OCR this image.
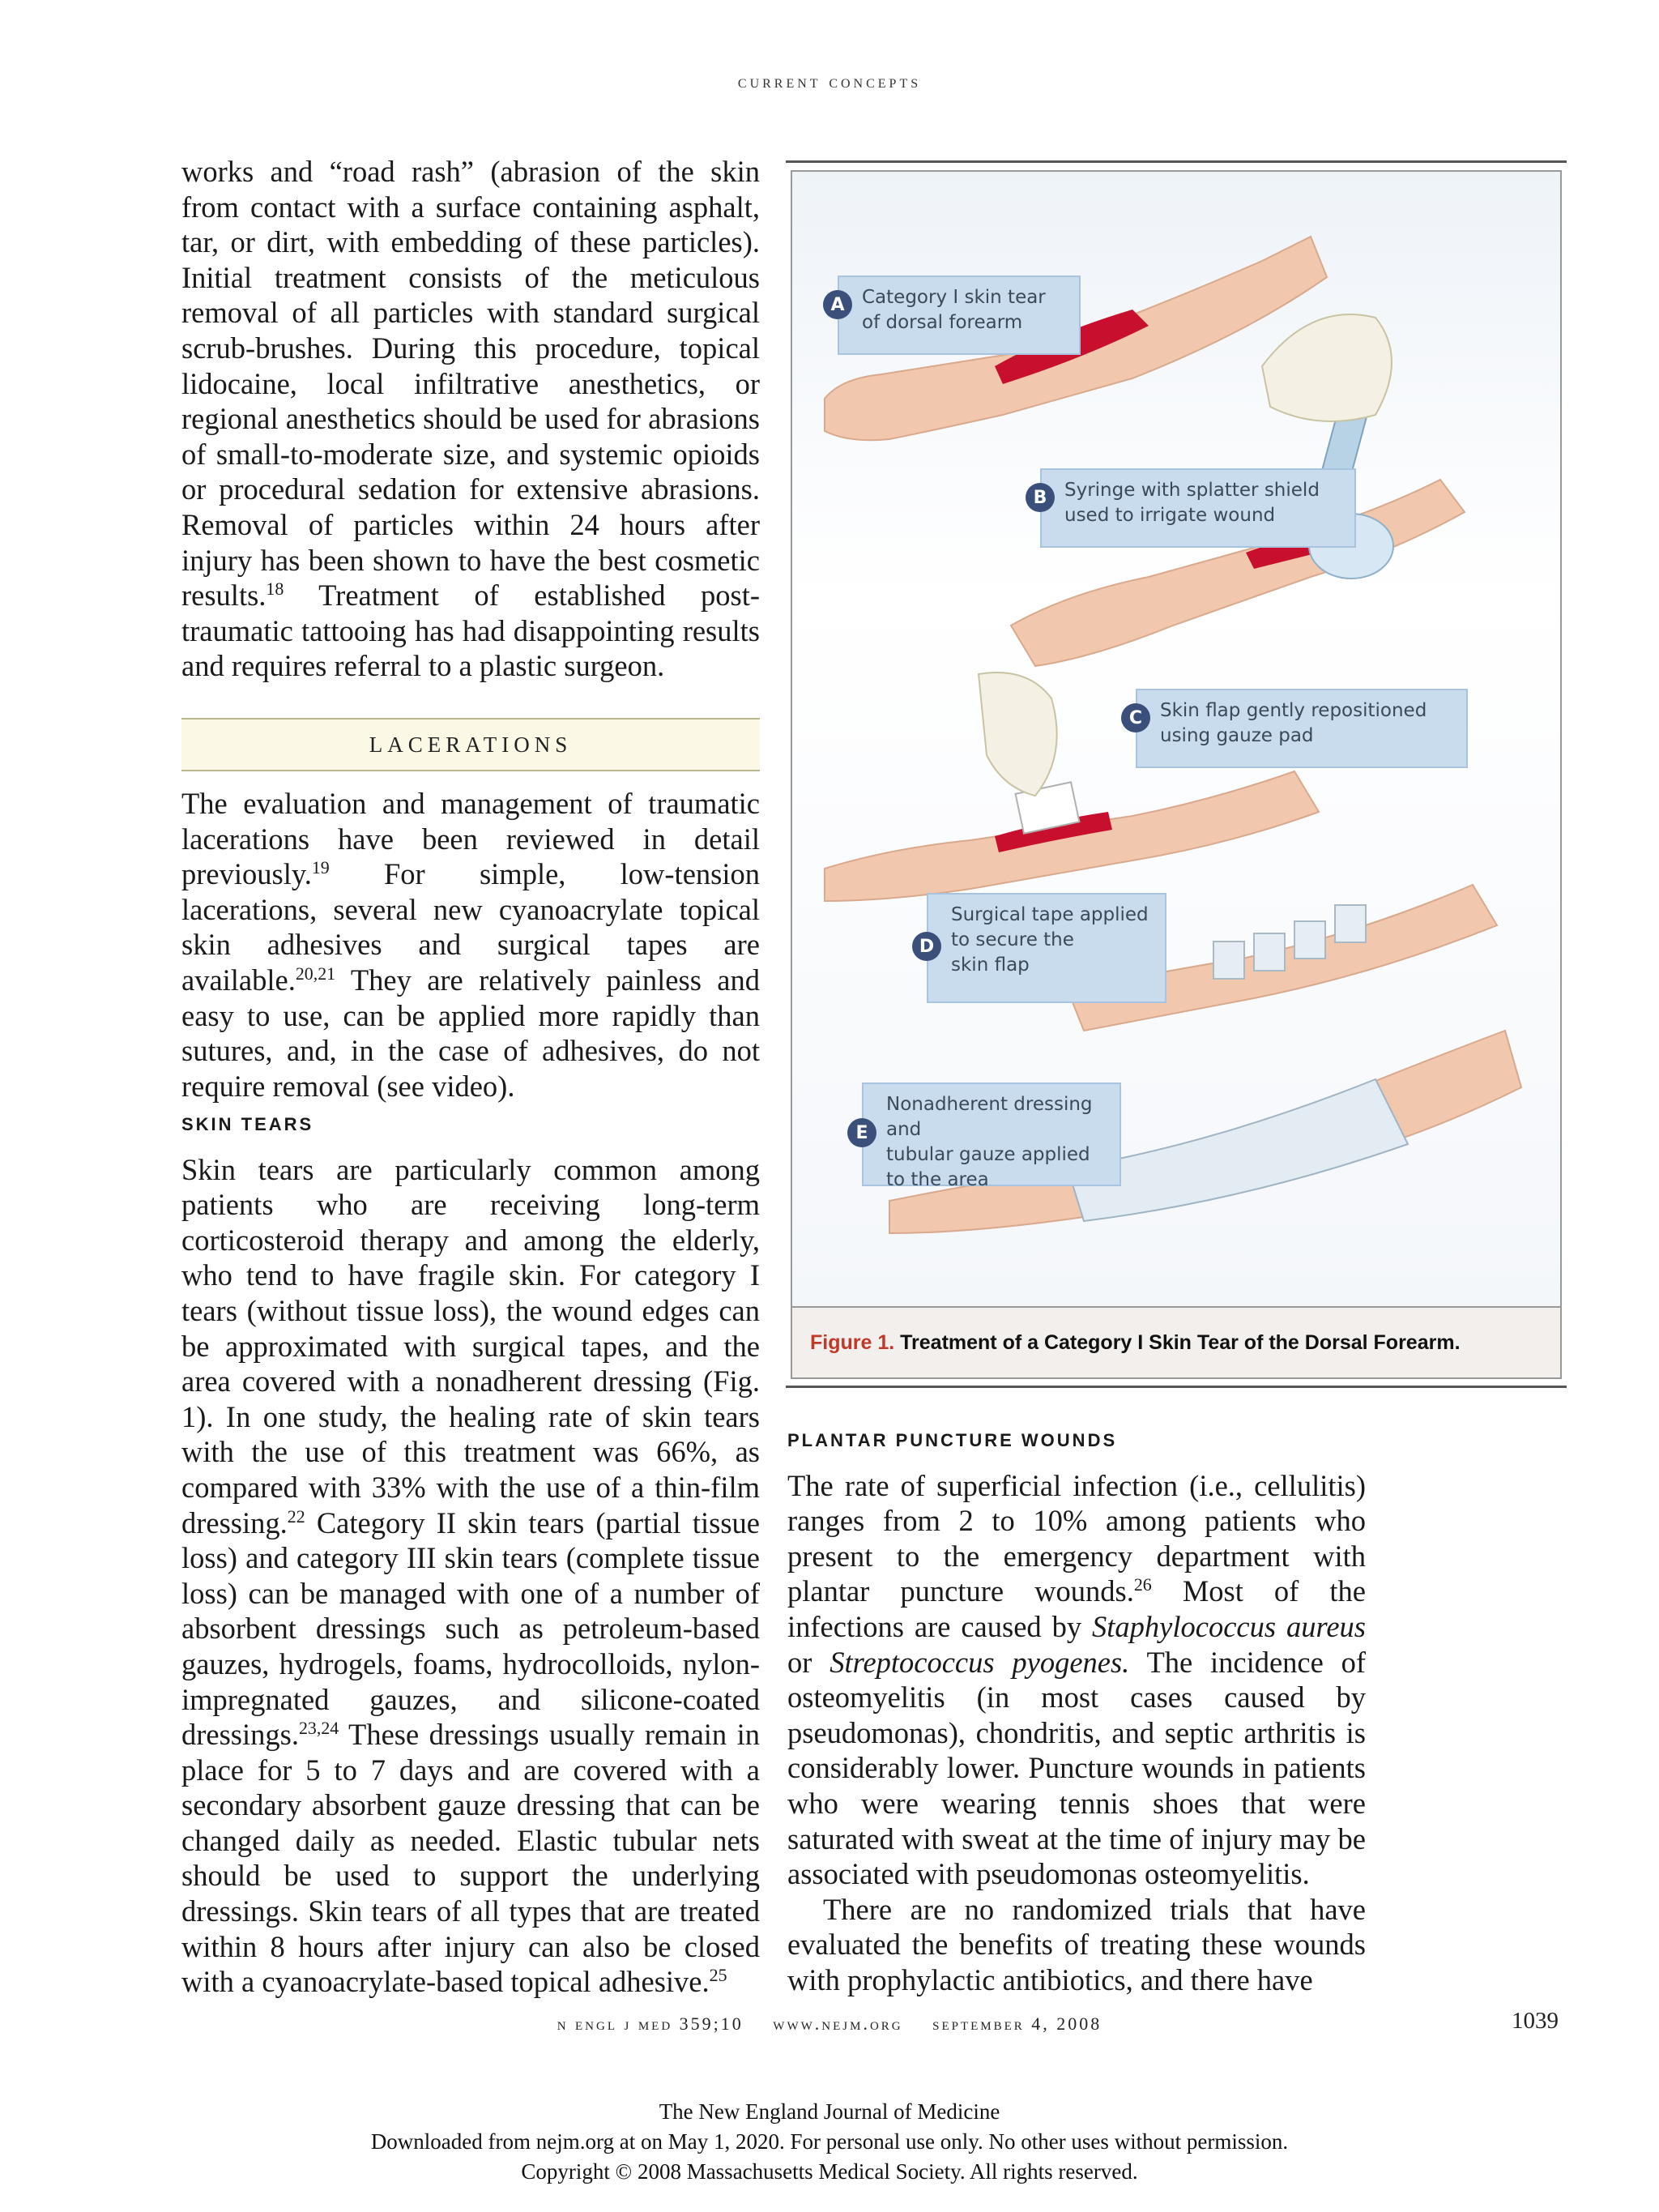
current concepts

works and “road rash” (abrasion of the skin from contact with a surface containing asphalt, tar, or dirt, with embedding of these particles). Initial treatment consists of the meticulous removal of all particles with standard surgical scrub-brushes. During this procedure, topical lidocaine, local infiltrative anesthetics, or regional anesthetics should be used for abrasions of small-to-moderate size, and systemic opioids or procedural sedation for extensive abrasions. Removal of particles within 24 hours after injury has been shown to have the best cosmetic results.$^{18}$ Treatment of established post-traumatic tattooing has had disappointing results and requires referral to a plastic surgeon.

LACERATIONS

The evaluation and management of traumatic lacerations have been reviewed in detail previously.$^{19}$ For simple, low-tension lacerations, several new cyanoacrylate topical skin adhesives and surgical tapes are available.$^{20,21}$ They are relatively painless and easy to use, can be applied more rapidly than sutures, and, in the case of adhesives, do not require removal (see video).

SKIN TEARS

Skin tears are particularly common among patients who are receiving long-term corticosteroid therapy and among the elderly, who tend to have fragile skin. For category I tears (without tissue loss), the wound edges can be approximated with surgical tapes, and the area covered with a nonadherent dressing (Fig. 1). In one study, the healing rate of skin tears with the use of this treatment was 66%, as compared with 33% with the use of a thin-film dressing.$^{22}$ Category II skin tears (partial tissue loss) and category III skin tears (complete tissue loss) can be managed with one of a number of absorbent dressings such as petroleum-based gauzes, hydrogels, foams, hydrocolloids, nylon-impregnated gauzes, and silicone-coated dressings.$^{23,24}$ These dressings usually remain in place for 5 to 7 days and are covered with a secondary absorbent gauze dressing that can be changed daily as needed. Elastic tubular nets should be used to support the underlying dressings. Skin tears of all types that are treated within 8 hours after injury can also be closed with a cyanoacrylate-based topical adhesive.$^{25}$

Category I skin tear
of dorsal forearm
A
Syringe with splatter shield
used to irrigate wound
B
Skin flap gently repositioned
using gauze pad
C
Surgical tape applied
to secure the
skin flap
D
Nonadherent dressing and
tubular gauze applied
to the area
E
Figure 1. Treatment of a Category I Skin Tear of the Dorsal Forearm.
PLANTAR PUNCTURE WOUNDS

The rate of superficial infection (i.e., cellulitis) ranges from 2 to 10% among patients who present to the emergency department with plantar puncture wounds.$^{26}$ Most of the infections are caused by Staphylococcus aureus or Streptococcus pyogenes. The incidence of osteomyelitis (in most cases caused by pseudomonas), chondritis, and septic arthritis is considerably lower. Puncture wounds in patients who were wearing tennis shoes that were saturated with sweat at the time of injury may be associated with pseudomonas osteomyelitis.

There are no randomized trials that have evaluated the benefits of treating these wounds with prophylactic antibiotics, and there have

n engl j med 359;10 www.nejm.org september 4, 2008	1039
The New England Journal of Medicine
Downloaded from nejm.org at on May 1, 2020. For personal use only. No other uses without permission.
Copyright © 2008 Massachusetts Medical Society. All rights reserved.
